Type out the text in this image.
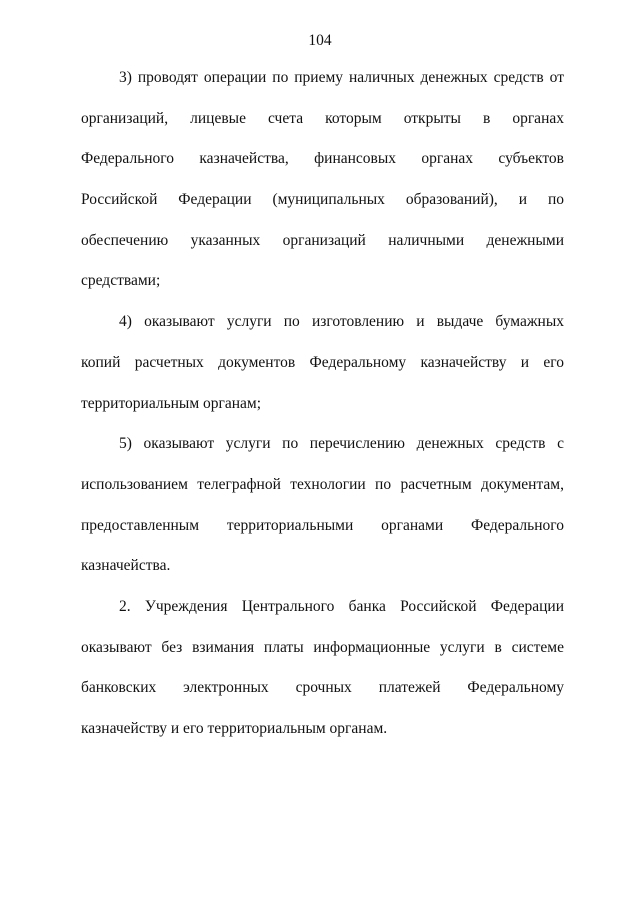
104
3) проводят операции по приему наличных денежных средств от
организаций, лицевые счета которым открыты в органах
Федерального казначейства, финансовых органах субъектов
Российской Федерации (муниципальных образований), и по
обеспечению указанных организаций наличными денежными
средствами;
4) оказывают услуги по изготовлению и выдаче бумажных
копий расчетных документов Федеральному казначейству и его
территориальным органам;
5) оказывают услуги по перечислению денежных средств с
использованием телеграфной технологии по расчетным документам,
предоставленным территориальными органами Федерального
казначейства.
2. Учреждения Центрального банка Российской Федерации
оказывают без взимания платы информационные услуги в системе
банковских электронных срочных платежей Федеральному
казначейству и его территориальным органам.
